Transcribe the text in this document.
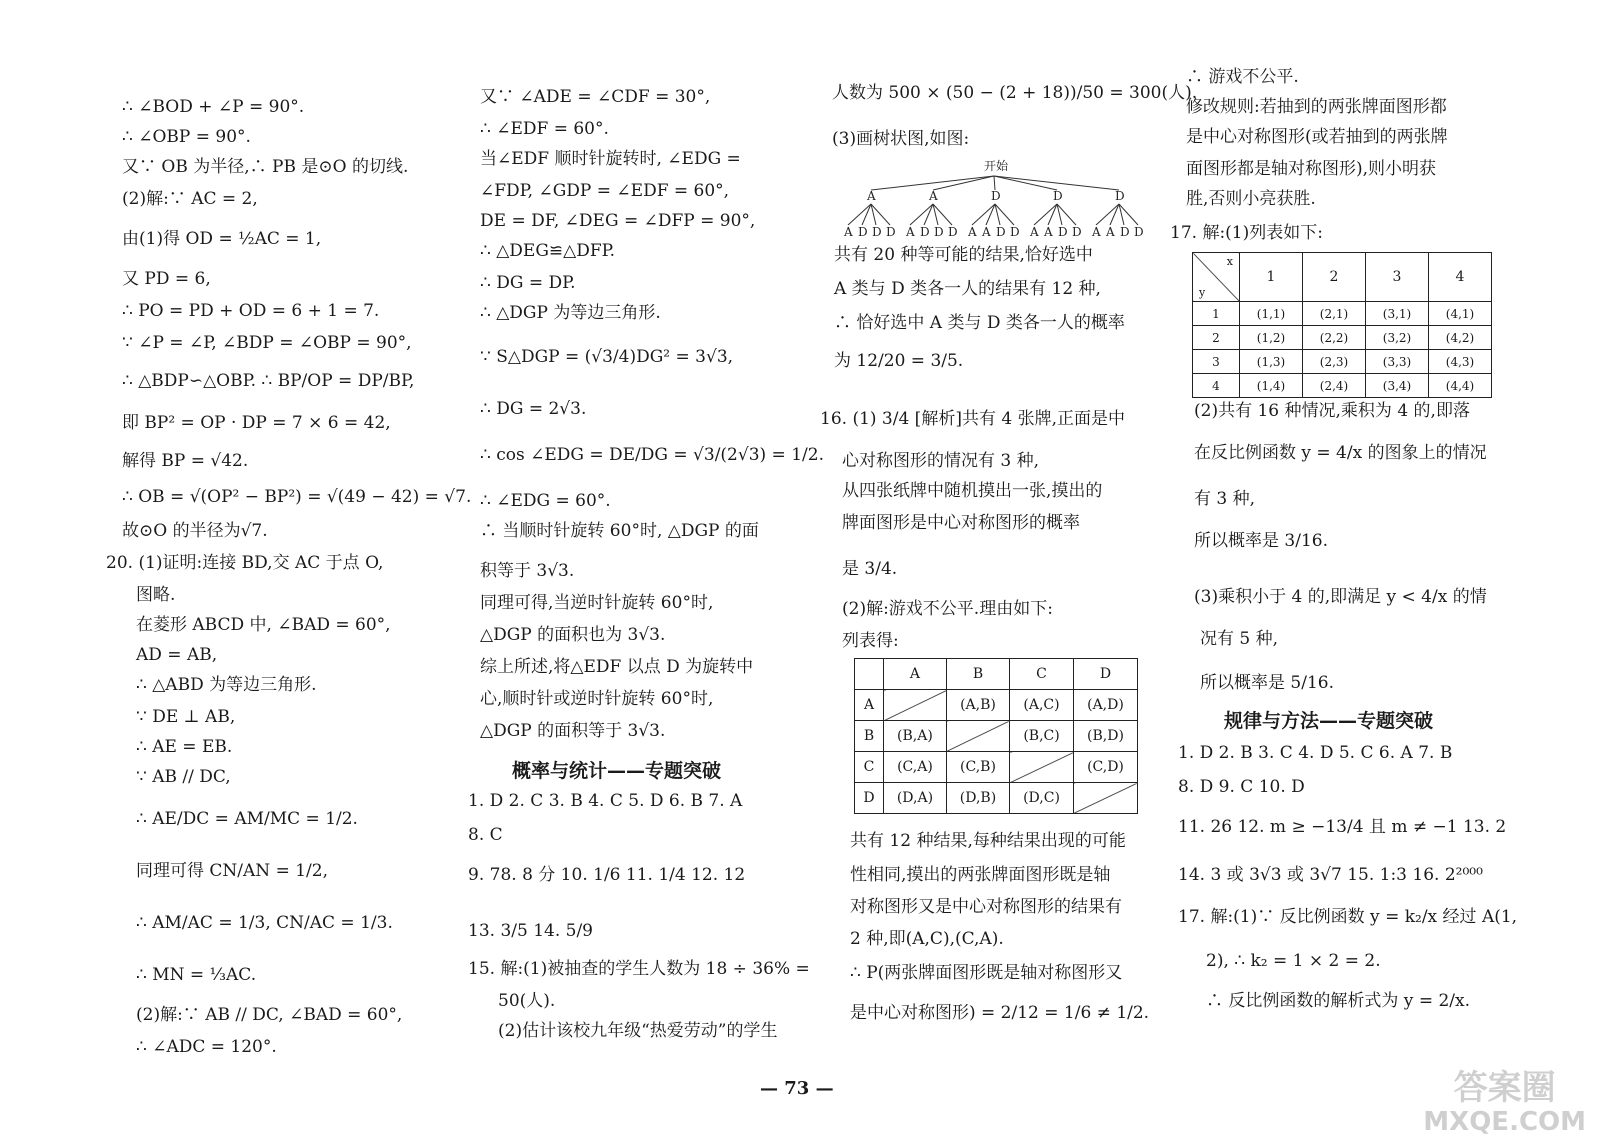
∴ ∠BOD + ∠P = 90°.
∴ ∠OBP = 90°.
又∵ OB 为半径,∴ PB 是⊙O 的切线.
(2)解:∵ AC = 2,
由(1)得 OD = ½AC = 1,
又 PD = 6,
∴ PO = PD + OD = 6 + 1 = 7.
∵ ∠P = ∠P, ∠BDP = ∠OBP = 90°,
∴ △BDP∽△OBP. ∴ BP/OP = DP/BP,
即 BP² = OP · DP = 7 × 6 = 42,
解得 BP = √42.
∴ OB = √(OP² − BP²) = √(49 − 42) = √7.
故⊙O 的半径为√7.
20. (1)证明:连接 BD,交 AC 于点 O,
图略.
在菱形 ABCD 中, ∠BAD = 60°,
AD = AB,
∴ △ABD 为等边三角形.
∵ DE ⊥ AB,
∴ AE = EB.
∵ AB // DC,
∴ AE/DC = AM/MC = 1/2.
同理可得 CN/AN = 1/2,
∴ AM/AC = 1/3, CN/AC = 1/3.
∴ MN = ⅓AC.
(2)解:∵ AB // DC, ∠BAD = 60°,
∴ ∠ADC = 120°.
又∵ ∠ADE = ∠CDF = 30°,
∴ ∠EDF = 60°.
当∠EDF 顺时针旋转时, ∠EDG =
∠FDP, ∠GDP = ∠EDF = 60°,
DE = DF, ∠DEG = ∠DFP = 90°,
∴ △DEG≌△DFP.
∴ DG = DP.
∴ △DGP 为等边三角形.
∵ S△DGP = (√3/4)DG² = 3√3,
∴ DG = 2√3.
∴ cos ∠EDG = DE/DG = √3/(2√3) = 1/2.
∴ ∠EDG = 60°.
∴ 当顺时针旋转 60°时, △DGP 的面
积等于 3√3.
同理可得,当逆时针旋转 60°时,
△DGP 的面积也为 3√3.
综上所述,将△EDF 以点 D 为旋转中
心,顺时针或逆时针旋转 60°时,
△DGP 的面积等于 3√3.
概率与统计——专题突破
1. D 2. C 3. B 4. C 5. D 6. B 7. A
8. C
9. 78. 8 分 10. 1/6 11. 1/4 12. 12
13. 3/5 14. 5/9
15. 解:(1)被抽查的学生人数为 18 ÷ 36% =
50(人).
(2)估计该校九年级“热爱劳动”的学生
人数为 500 × (50 − (2 + 18))/50 = 300(人).
(3)画树状图,如图:
开始
A
A D D D
A
A D D D
D
A A D D
D
A A D D
D
A A D D
共有 20 种等可能的结果,恰好选中
A 类与 D 类各一人的结果有 12 种,
∴ 恰好选中 A 类与 D 类各一人的概率
为 12/20 = 3/5.
16. (1) 3/4 [解析]共有 4 张牌,正面是中
心对称图形的情况有 3 种,
从四张纸牌中随机摸出一张,摸出的
牌面图形是中心对称图形的概率
是 3/4.
(2)解:游戏不公平.理由如下:
列表得:
	A	B	C	D
A		(A,B)	(A,C)	(A,D)
B	(B,A)		(B,C)	(B,D)
C	(C,A)	(C,B)		(C,D)
D	(D,A)	(D,B)	(D,C)	
共有 12 种结果,每种结果出现的可能
性相同,摸出的两张牌面图形既是轴
对称图形又是中心对称图形的结果有
2 种,即(A,C),(C,A).
∴ P(两张牌面图形既是轴对称图形又
是中心对称图形) = 2/12 = 1/6 ≠ 1/2.
∴ 游戏不公平.
修改规则:若抽到的两张牌面图形都
是中心对称图形(或若抽到的两张牌
面图形都是轴对称图形),则小明获
胜,否则小亮获胜.
17. 解:(1)列表如下:
x
y	1	2	3	4
1	(1,1)	(2,1)	(3,1)	(4,1)
2	(1,2)	(2,2)	(3,2)	(4,2)
3	(1,3)	(2,3)	(3,3)	(4,3)
4	(1,4)	(2,4)	(3,4)	(4,4)
(2)共有 16 种情况,乘积为 4 的,即落
在反比例函数 y = 4/x 的图象上的情况
有 3 种,
所以概率是 3/16.
(3)乘积小于 4 的,即满足 y < 4/x 的情
况有 5 种,
所以概率是 5/16.
规律与方法——专题突破
1. D 2. B 3. C 4. D 5. C 6. A 7. B
8. D 9. C 10. D
11. 26 12. m ≥ −13/4 且 m ≠ −1 13. 2
14. 3 或 3√3 或 3√7 15. 1:3 16. 2²⁰⁰⁰
17. 解:(1)∵ 反比例函数 y = k₂/x 经过 A(1,
2), ∴ k₂ = 1 × 2 = 2.
∴ 反比例函数的解析式为 y = 2/x.
— 73 —	答案圈
MXQE.COM
